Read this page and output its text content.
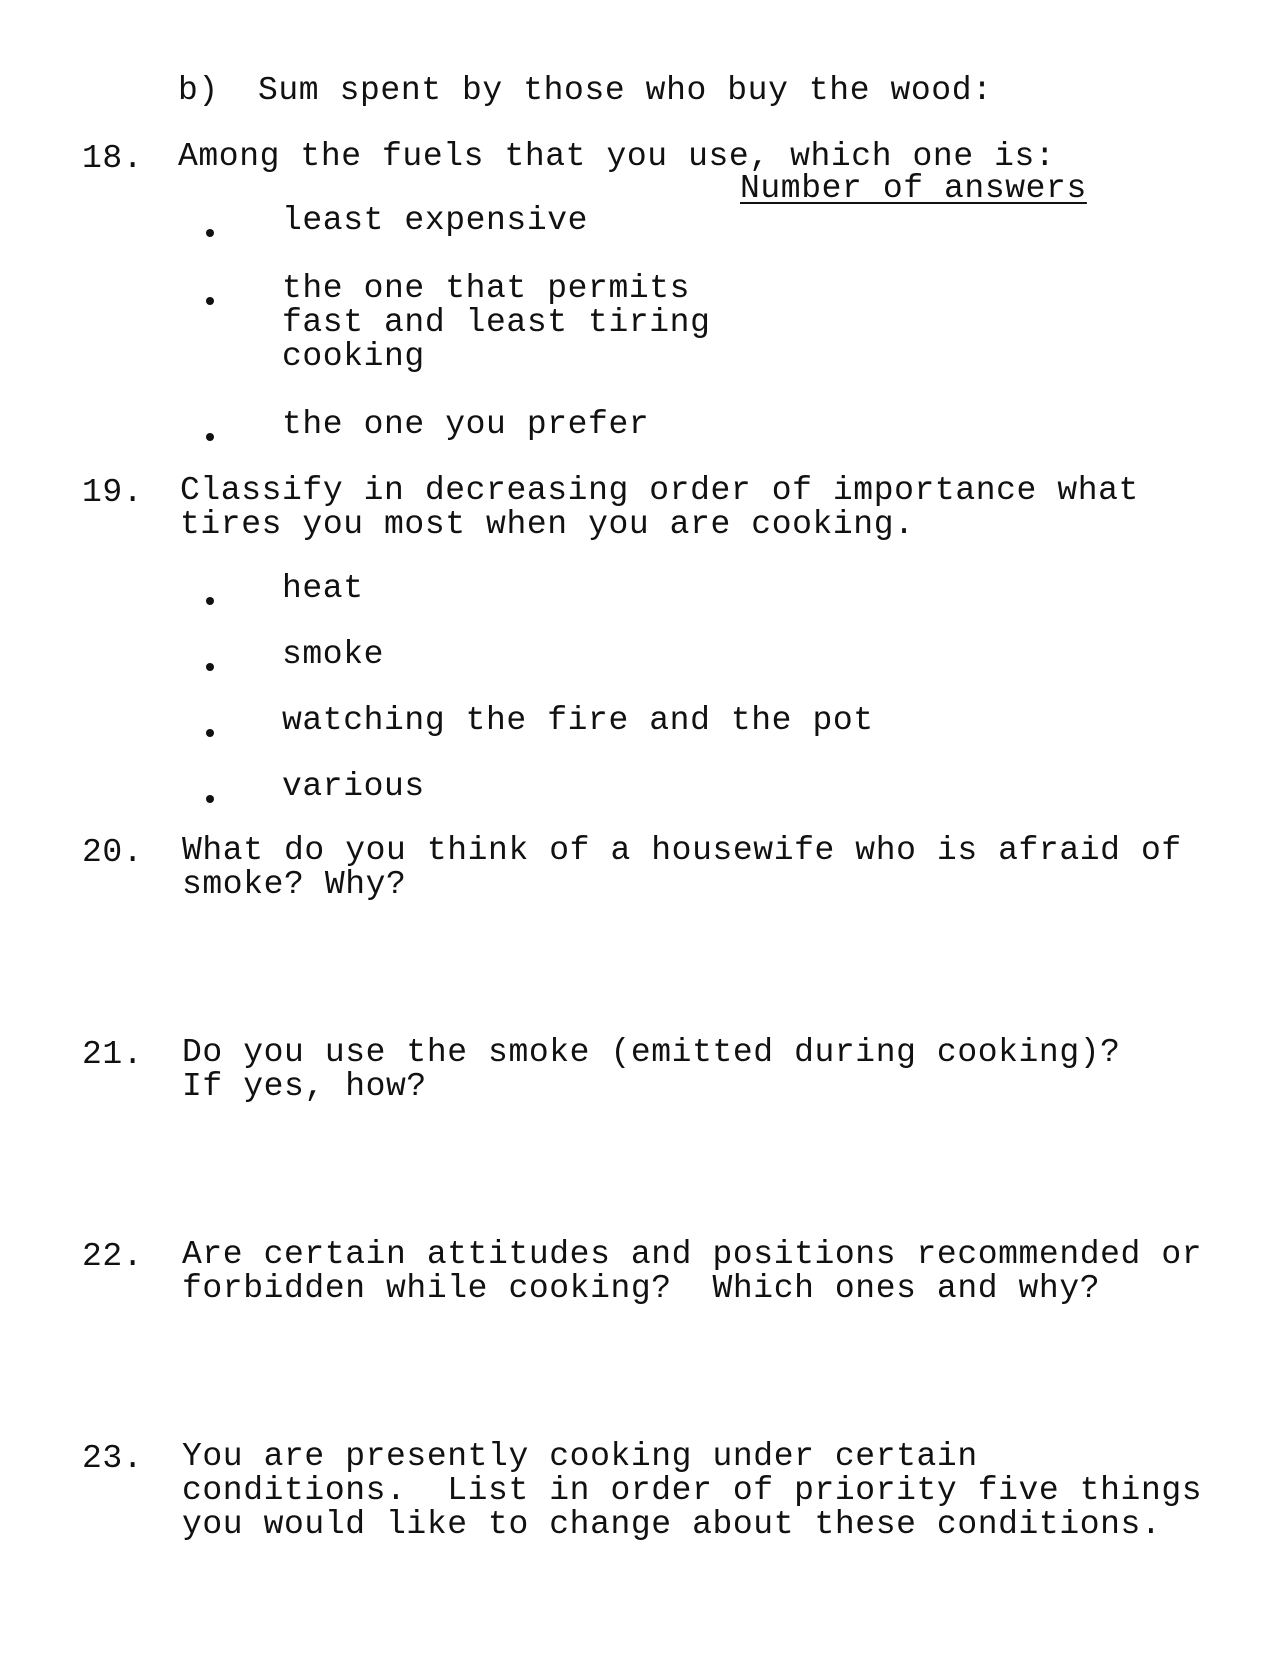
b) Sum spent by those who buy the wood:
18. Among the fuels that you use, which one is:
Number of answers
least expensive
the one that permits
fast and least tiring
cooking
the one you prefer
19. Classify in decreasing order of importance what
tires you most when you are cooking.
heat
smoke
watching the fire and the pot
various
20. What do you think of a housewife who is afraid of
smoke? Why?
21. Do you use the smoke (emitted during cooking)?
If yes, how?
22. Are certain attitudes and positions recommended or
forbidden while cooking?  Which ones and why?
23. You are presently cooking under certain
conditions.  List in order of priority five things
you would like to change about these conditions.
